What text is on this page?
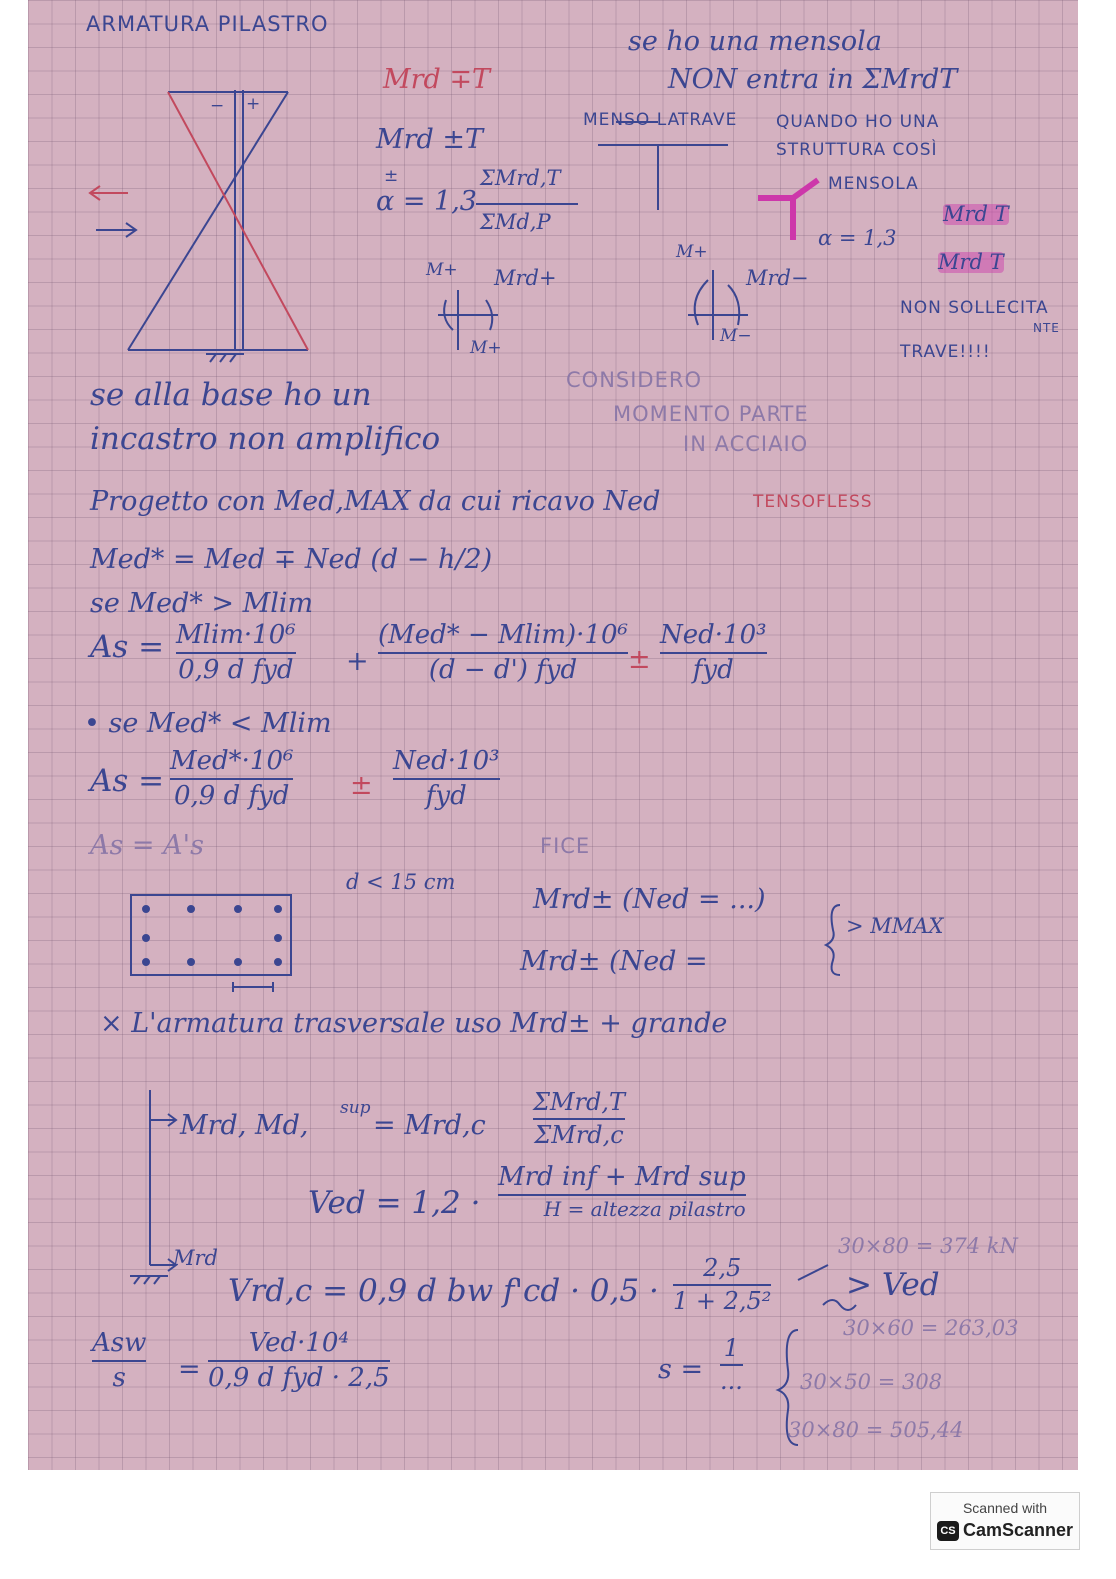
ARMATURA PILASTRO
Mrd ∓T
Mrd ±T
− +
±
α = 1,3
ΣMrd,T
ΣMd,P
se ho una mensola
NON entra in ΣMrdT
MENSO LA
TRAVE QUANDO HO UNA
STRUTTURA COSÌ
MENSOLA
α = 1,3
Mrd T
Mrd T
NON SOLLECITA
NTE
TRAVE!!!!
M+ Mrd+
M+
M+
Mrd−
M−
CONSIDERO
MOMENTO PARTE
IN ACCIAIO
se alla base ho un
incastro non amplifico
Progetto con Med,MAX da cui ricavo Ned	TENSOFLESS
Med* = Med ∓ Ned (d − h/2)
se Med* > Mlim
As = Mlim·10⁶
0,9 d fyd +
(Med* − Mlim)·10⁶
(d − d') fyd ±
Ned·10³
fyd
• se Med* < Mlim
As =
Med*·10⁶
0,9 d fyd ±
Ned·10³
fyd
As = A's
d < 15 cm
FICE
Mrd± (Ned = ...)
Mrd± (Ned =
> MMAX
× L'armatura trasversale uso Mrd± + grande
Mrd, Md,
sup
= Mrd,c
ΣMrd,T
ΣMrd,c
Mrd
Ved = 1,2 ·
Mrd inf + Mrd sup
H = altezza pilastro
Vrd,c = 0,9 d bw f'cd · 0,5 ·
2,5
1 + 2,5² > Ved
30×80 = 374 kN
30×60 = 263,03
30×50 = 308
30×80 = 505,44
Asw
s =
Ved·10⁴
0,9 d fyd · 2,5	s =
1
...
Scanned with
CS CamScanner
